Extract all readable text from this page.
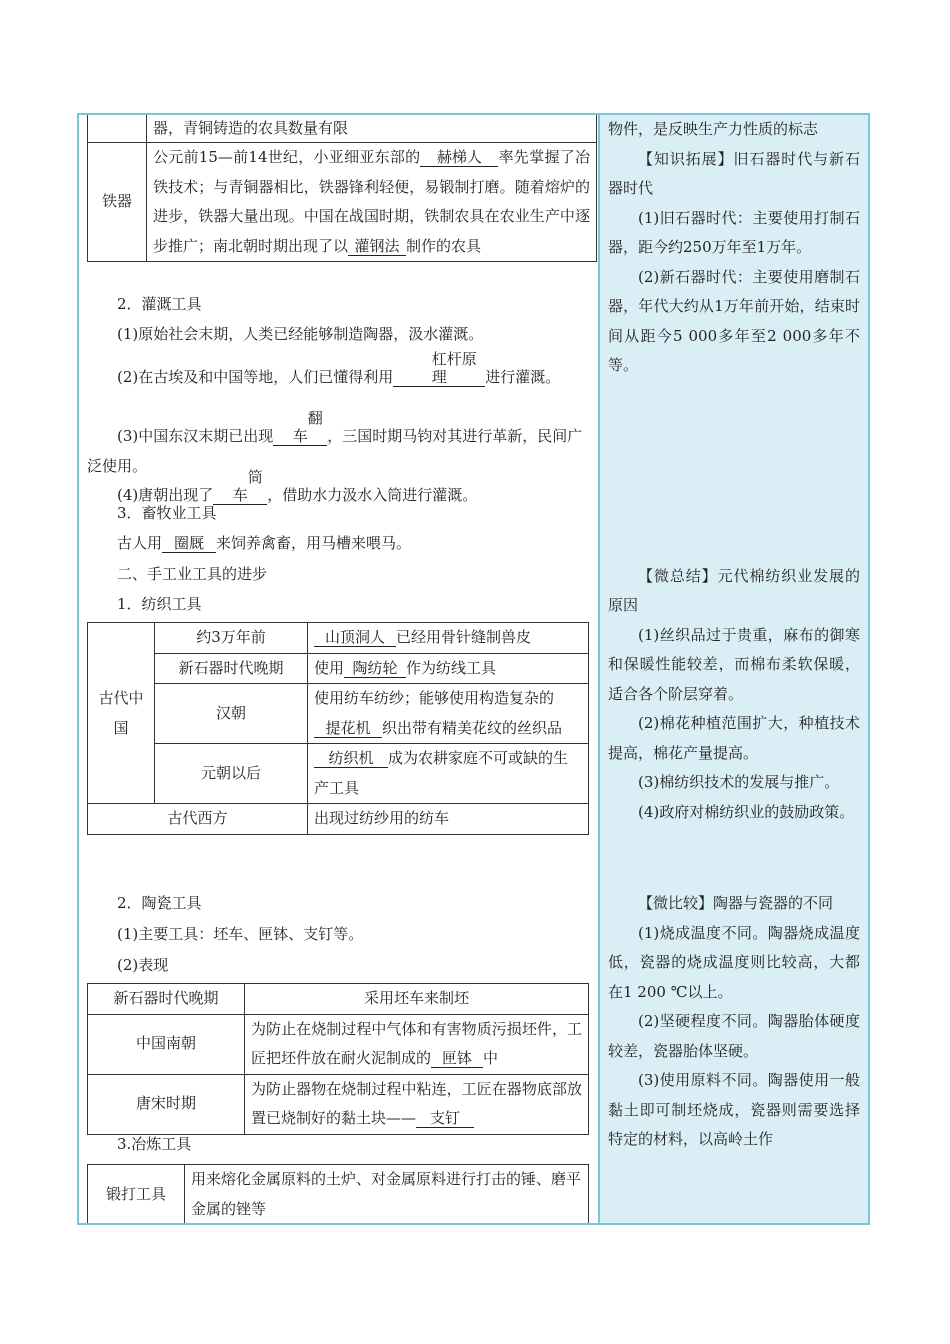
	器，青铜铸造的农具数量有限
铁器	公元前15—前14世纪，小亚细亚东部的 赫梯人 率先掌握了冶铁技术；与青铜器相比，铁器锋利轻便，易锻制打磨。随着熔炉的进步，铁器大量出现。中国在战国时期，铁制农具在农业生产中逐步推广；南北朝时期出现了以 灌钢法 制作的农具

2．灌溉工具

(1)原始社会末期，人类已经能够制造陶器，汲水灌溉。

(2)在古埃及和中国等地，人们已懂得利用杠杆原理	进行灌溉。

(3)中国东汉末期已出现翻车 ，三国时期马钧对其进行革新，民间广泛使用。

(4)唐朝出现了筒车 ，借助水力汲水入筒进行灌溉。

3．畜牧业工具

古人用 圈厩 来饲养禽畜，用马槽来喂马。

二、手工业工具的进步

1．纺织工具

古代中国	约3万年前	山顶洞人 已经用骨针缝制兽皮
	新石器时代晚期	使用 陶纺轮 作为纺线工具
	汉朝	使用纺车纺纱；能够使用构造复杂的提花机 织出带有精美花纹的丝织品
	元朝以后	纺织机 成为农耕家庭不可或缺的生产工具
古代西方		出现过纺纱用的纺车

2．陶瓷工具

(1)主要工具：坯车、匣钵、支钉等。

(2)表现

新石器时代晚期	采用坯车来制坯
中国南朝	为防止在烧制过程中气体和有害物质污损坯件，工匠把坯件放在耐火泥制成的 匣钵 中
唐宋时期	为防止器物在烧制过程中粘连，工匠在器物底部放置已烧制好的黏土块—— 支钉

3.冶炼工具

锻打工具	用来熔化金属原料的土炉、对金属原料进行打击的锤、磨平金属的锉等

物件，是反映生产力性质的标志

【知识拓展】旧石器时代与新石器时代

(1)旧石器时代：主要使用打制石器，距今约250万年至1万年。

(2)新石器时代：主要使用磨制石器，年代大约从1万年前开始，结束时间从距今5 000多年至2 000多年不等。

【微总结】元代棉纺织业发展的原因

(1)丝织品过于贵重，麻布的御寒和保暖性能较差，而棉布柔软保暖，适合各个阶层穿着。

(2)棉花种植范围扩大，种植技术提高，棉花产量提高。

(3)棉纺织技术的发展与推广。

(4)政府对棉纺织业的鼓励政策。

【微比较】陶器与瓷器的不同

(1)烧成温度不同。陶器烧成温度低，瓷器的烧成温度则比较高，大都在1 200 ℃以上。

(2)坚硬程度不同。陶器胎体硬度较差，瓷器胎体坚硬。

(3)使用原料不同。陶器使用一般黏土即可制坯烧成，瓷器则需要选择特定的材料，以高岭土作
